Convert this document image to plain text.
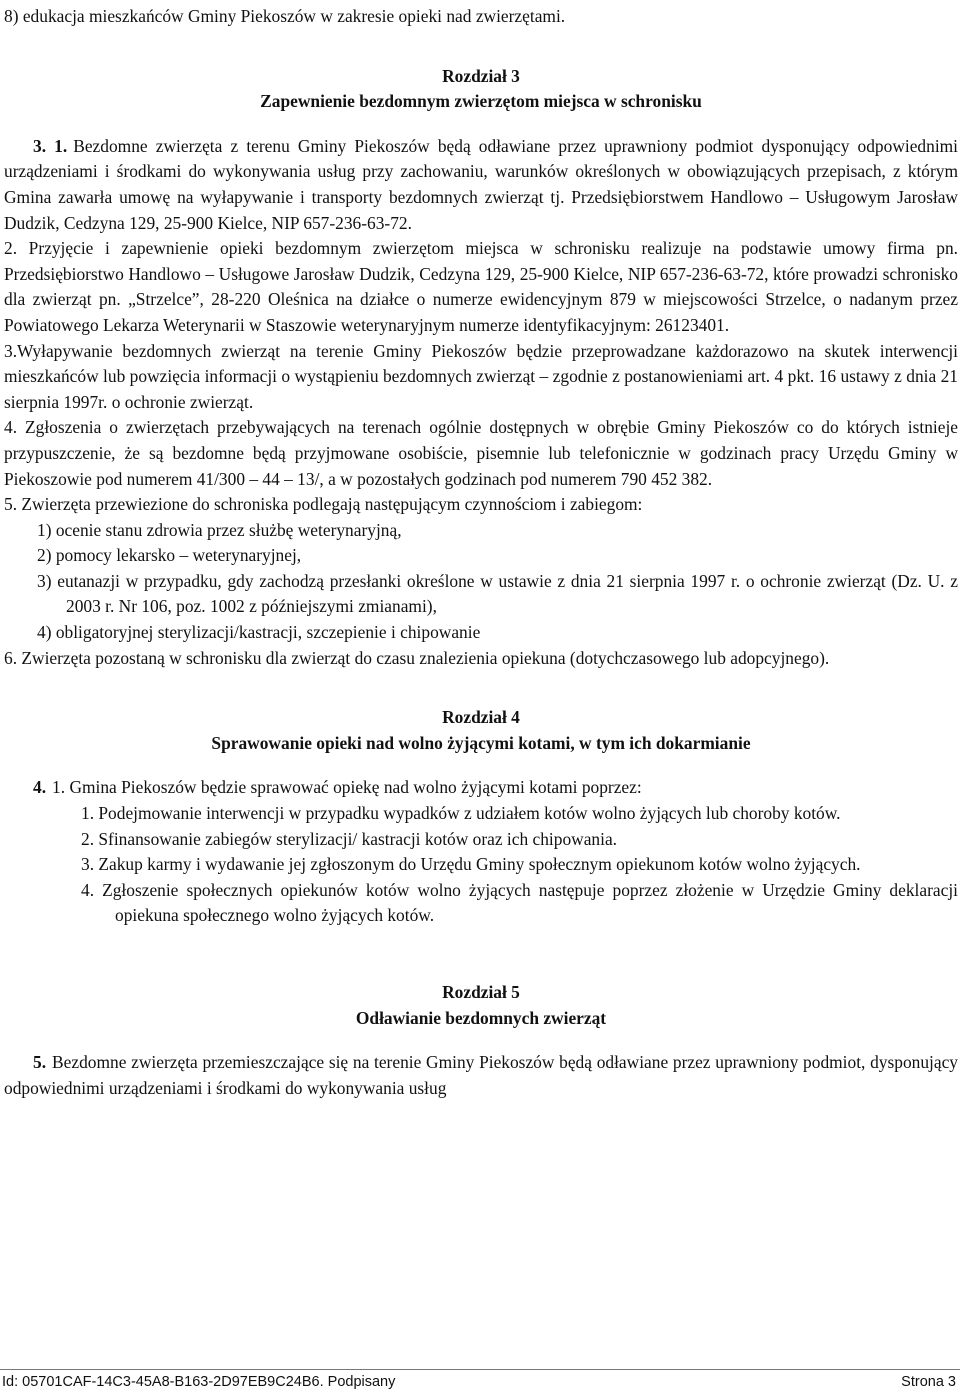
8) edukacja mieszkańców Gminy Piekoszów w zakresie opieki nad zwierzętami.

Rozdział 3

Zapewnienie bezdomnym zwierzętom miejsca w schronisku

3. 1. Bezdomne zwierzęta z terenu Gminy Piekoszów będą odławiane przez uprawniony podmiot dysponujący odpowiednimi urządzeniami i środkami do wykonywania usług przy zachowaniu, warunków określonych w obowiązujących przepisach, z którym Gmina zawarła umowę na wyłapywanie i transporty bezdomnych zwierząt tj. Przedsiębiorstwem Handlowo – Usługowym Jarosław Dudzik, Cedzyna 129, 25-900 Kielce, NIP 657-236-63-72.

2. Przyjęcie i zapewnienie opieki bezdomnym zwierzętom miejsca w schronisku realizuje na podstawie umowy firma pn. Przedsiębiorstwo Handlowo – Usługowe Jarosław Dudzik, Cedzyna 129, 25-900 Kielce, NIP 657-236-63-72, które prowadzi schronisko dla zwierząt pn. „Strzelce”, 28-220 Oleśnica na działce o numerze ewidencyjnym 879 w miejscowości Strzelce, o nadanym przez Powiatowego Lekarza Weterynarii w Staszowie weterynaryjnym numerze identyfikacyjnym: 26123401.

3.Wyłapywanie bezdomnych zwierząt na terenie Gminy Piekoszów będzie przeprowadzane każdorazowo na skutek interwencji mieszkańców lub powzięcia informacji o wystąpieniu bezdomnych zwierząt – zgodnie z postanowieniami art. 4 pkt. 16 ustawy z dnia 21 sierpnia 1997r. o ochronie zwierząt.

4. Zgłoszenia o zwierzętach przebywających na terenach ogólnie dostępnych w obrębie Gminy Piekoszów co do których istnieje przypuszczenie, że są bezdomne będą przyjmowane osobiście, pisemnie lub telefonicznie w godzinach pracy Urzędu Gminy w Piekoszowie pod numerem 41/300 – 44 – 13/, a w pozostałych godzinach pod numerem 790 452 382.

5. Zwierzęta przewiezione do schroniska podlegają następującym czynnościom i zabiegom:

1) ocenie stanu zdrowia przez służbę weterynaryjną,

2) pomocy lekarsko – weterynaryjnej,

3) eutanazji w przypadku, gdy zachodzą przesłanki określone w ustawie z dnia 21 sierpnia 1997 r. o ochronie zwierząt (Dz. U. z 2003 r. Nr 106, poz. 1002 z późniejszymi zmianami),

4) obligatoryjnej sterylizacji/kastracji, szczepienie i chipowanie

6. Zwierzęta pozostaną w schronisku dla zwierząt do czasu znalezienia opiekuna (dotychczasowego lub adopcyjnego).

Rozdział 4

Sprawowanie opieki nad wolno żyjącymi kotami, w tym ich dokarmianie

4. 1. Gmina Piekoszów będzie sprawować opiekę nad wolno żyjącymi kotami poprzez:

1. Podejmowanie interwencji w przypadku wypadków z udziałem kotów wolno żyjących lub choroby kotów.

2. Sfinansowanie zabiegów sterylizacji/ kastracji kotów oraz ich chipowania.

3. Zakup karmy i wydawanie jej zgłoszonym do Urzędu Gminy społecznym opiekunom kotów wolno żyjących.

4. Zgłoszenie społecznych opiekunów kotów wolno żyjących następuje poprzez złożenie w Urzędzie Gminy deklaracji opiekuna społecznego wolno żyjących kotów.

Rozdział 5

Odławianie bezdomnych zwierząt

5. Bezdomne zwierzęta przemieszczające się na terenie Gminy Piekoszów będą odławiane przez uprawniony podmiot, dysponujący odpowiednimi urządzeniami i środkami do wykonywania usług

Id: 05701CAF-14C3-45A8-B163-2D97EB9C24B6. Podpisany	Strona 3
